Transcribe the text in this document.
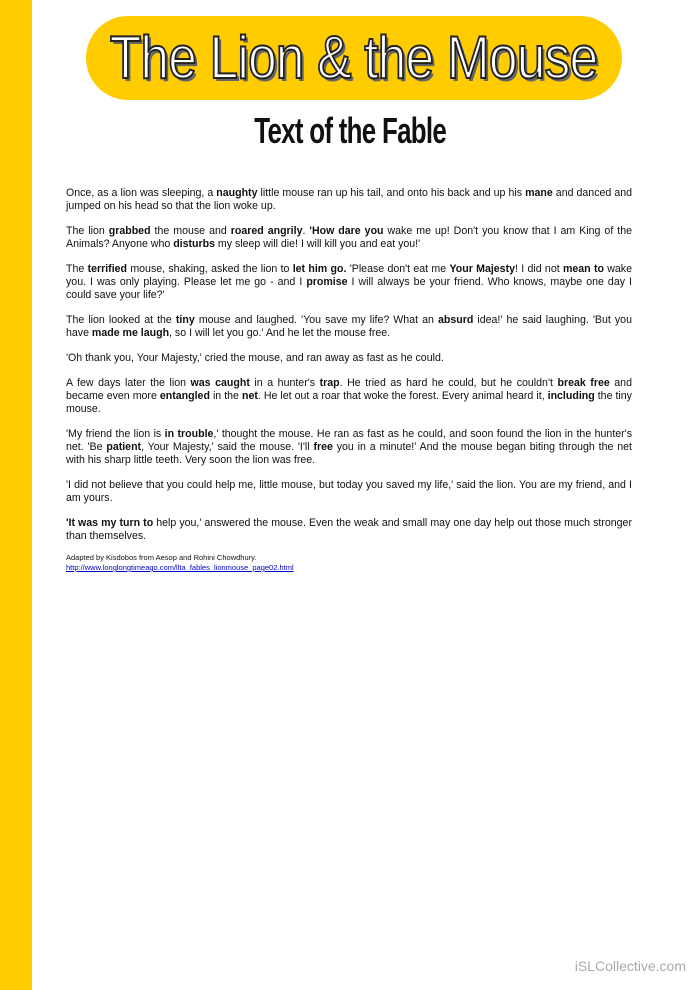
The Lion & the Mouse
Text of the Fable

Once, as a lion was sleeping, a naughty little mouse ran up his tail, and onto his back and up his mane and danced and jumped on his head so that the lion woke up.

The lion grabbed the mouse and roared angrily. 'How dare you wake me up! Don't you know that I am King of the Animals? Anyone who disturbs my sleep will die! I will kill you and eat you!'

The terrified mouse, shaking, asked the lion to let him go. 'Please don't eat me Your Majesty! I did not mean to wake you. I was only playing. Please let me go - and I promise I will always be your friend. Who knows, maybe one day I could save your life?'

The lion looked at the tiny mouse and laughed. 'You save my life? What an absurd idea!' he said laughing. 'But you have made me laugh, so I will let you go.' And he let the mouse free.

'Oh thank you, Your Majesty,' cried the mouse, and ran away as fast as he could.

A few days later the lion was caught in a hunter's trap. He tried as hard he could, but he couldn't break free and became even more entangled in the net. He let out a roar that woke the forest. Every animal heard it, including the tiny mouse.

'My friend the lion is in trouble,' thought the mouse. He ran as fast as he could, and soon found the lion in the hunter's net. 'Be patient, Your Majesty,' said the mouse. 'I'll free you in a minute!' And the mouse began biting through the net with his sharp little teeth. Very soon the lion was free.

'I did not believe that you could help me, little mouse, but today you saved my life,' said the lion. You are my friend, and I am yours.

'It was my turn to help you,' answered the mouse. Even the weak and small may one day help out those much stronger than themselves.

Adapted by Kisdobos from Aesop and Rohini Chowdhury.
http://www.longlongtimeago.com/llta_fables_lionmouse_page02.html
iSLCollective.com
